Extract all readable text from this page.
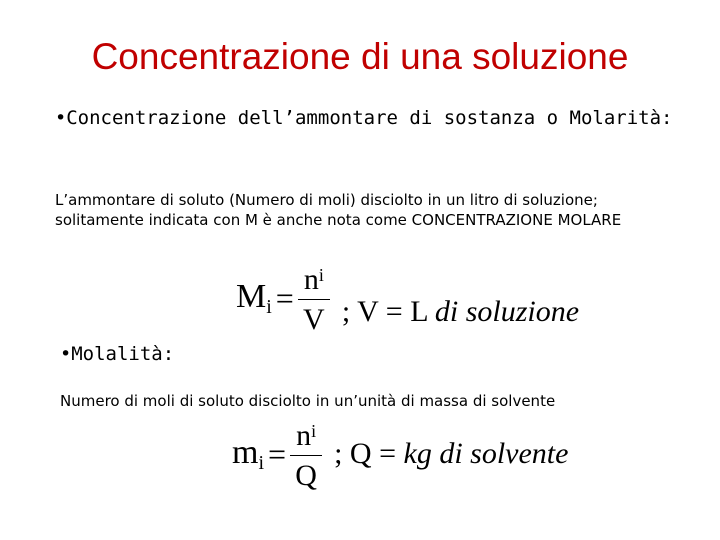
Concentrazione di una soluzione
•Concentrazione dell’ammontare di sostanza o Molarità:
L’ammontare di soluto (Numero di moli) disciolto in un litro di soluzione; solitamente indicata con M è anche nota come CONCENTRAZIONE MOLARE
$M_i = \frac{n^i}{V}$ ; V = L di soluzione
•Molalità:
Numero di moli di soluto disciolto in un’unità di massa di solvente
$m_i = \frac{n^i}{Q}$ ; Q = kg di solvente
